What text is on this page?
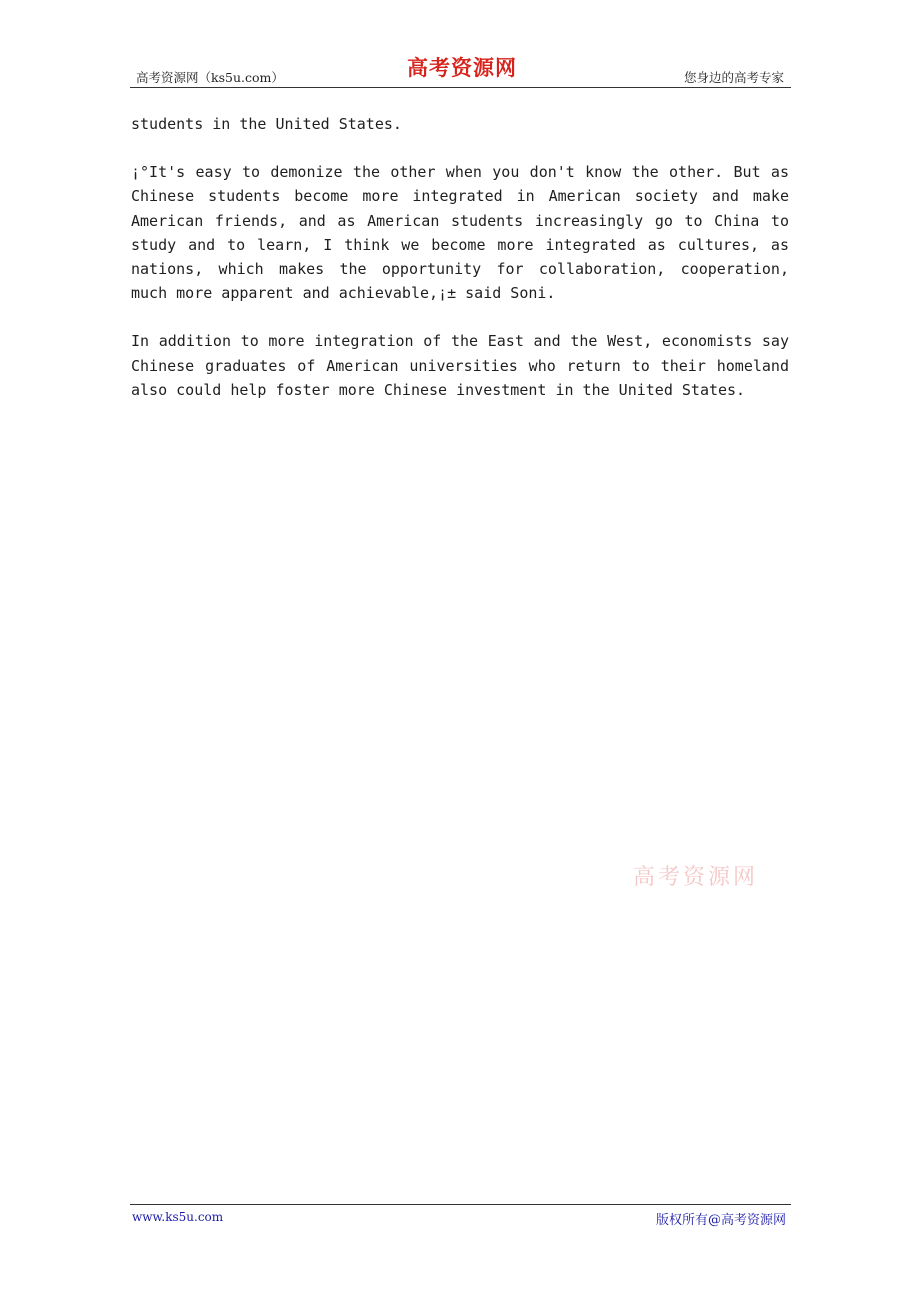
高考资源网（ks5u.com）	高考资源网	您身边的高考专家

students in the United States.

¡°It's easy to demonize the other when you don't know the other. But as Chinese students become more integrated in American society and make American friends, and as American students increasingly go to China to study and to learn, I think we become more integrated as cultures, as nations, which makes the opportunity for collaboration, cooperation, much more apparent and achievable,¡± said Soni.

In addition to more integration of the East and the West, economists say Chinese graduates of American universities who return to their homeland also could help foster more Chinese investment in the United States.

高考资源网
www.ks5u.com	版权所有@高考资源网
